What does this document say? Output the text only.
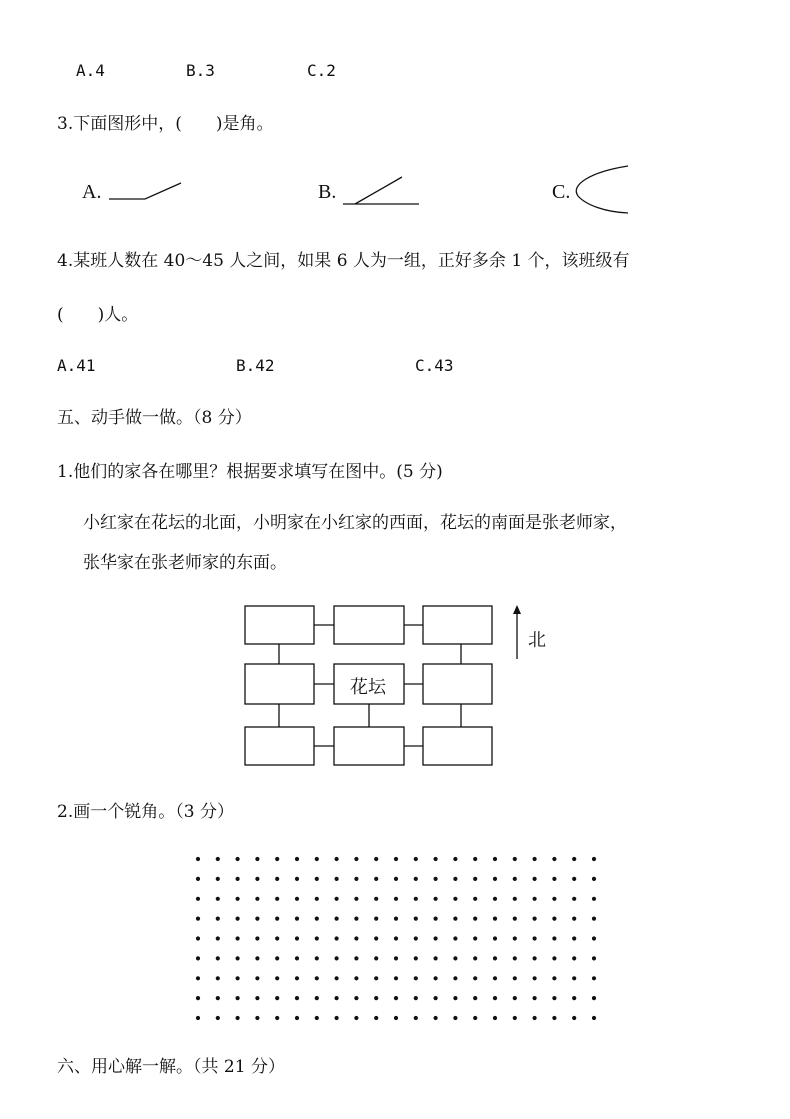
A.4	B.3	C.2
3.下面图形中，(　　)是角。
A.	B.	C.
4.某班人数在 40～45 人之间，如果 6 人为一组，正好多余 1 个，该班级有
(　　)人。
A.41	B.42	C.43
五、动手做一做。（8 分）
1.他们的家各在哪里？根据要求填写在图中。(5 分)
小红家在花坛的北面，小明家在小红家的西面，花坛的南面是张老师家，
张华家在张老师家的东面。
花坛
北
2.画一个锐角。（3 分）
六、用心解一解。（共 21 分）
